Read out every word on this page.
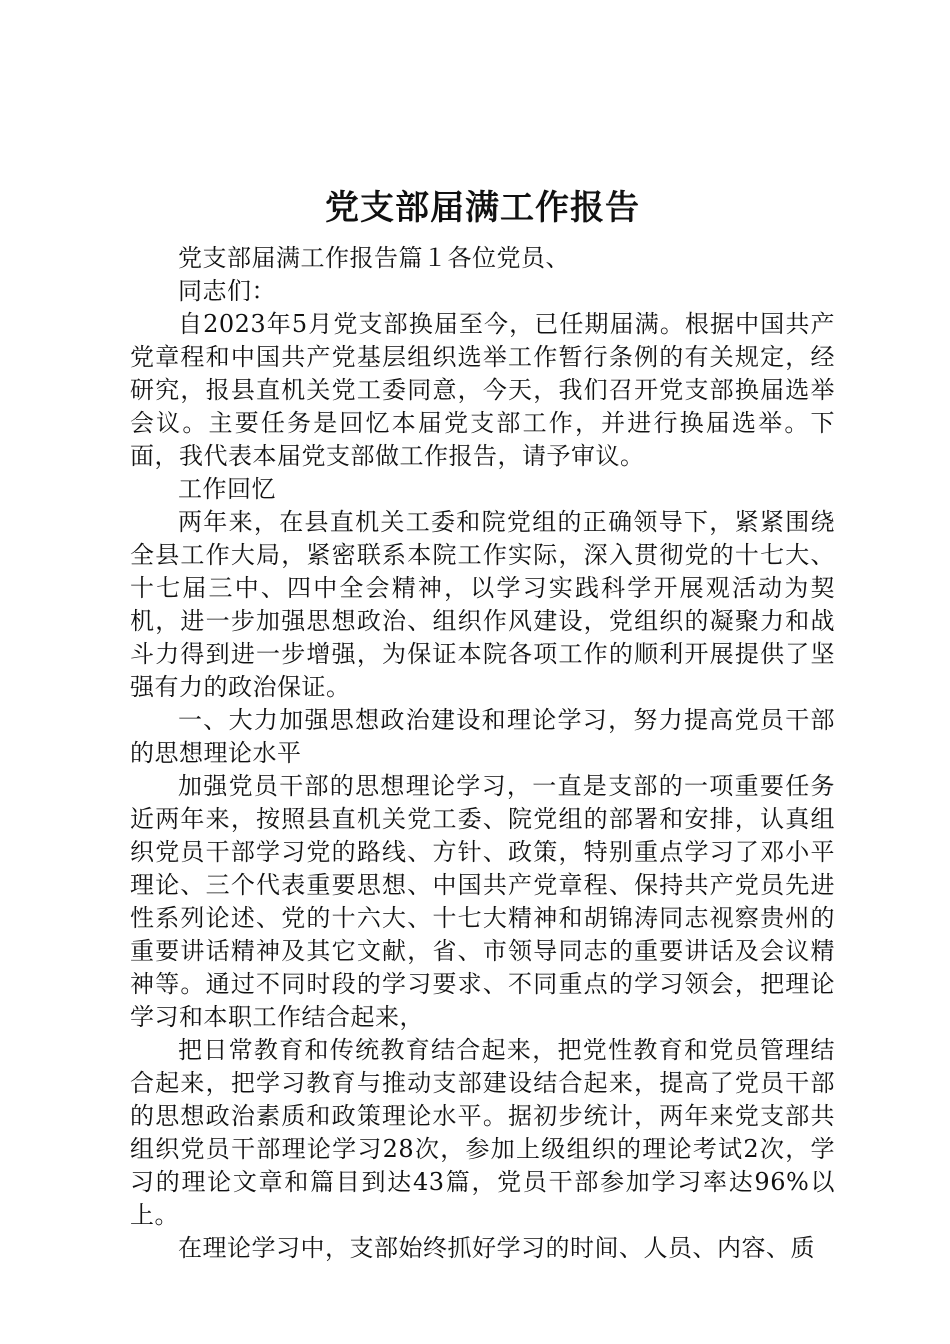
党支部届满工作报告

党支部届满工作报告篇１各位党员、

同志们：

自2023年5月党支部换届至今，已任期届满。根据中国共产党章程和中国共产党基层组织选举工作暂行条例的有关规定，经研究，报县直机关党工委同意，今天，我们召开党支部换届选举会议。主要任务是回忆本届党支部工作，并进行换届选举。下面，我代表本届党支部做工作报告，请予审议。

工作回忆

两年来，在县直机关工委和院党组的正确领导下，紧紧围绕全县工作大局，紧密联系本院工作实际，深入贯彻党的十七大、十七届三中、四中全会精神，以学习实践科学开展观活动为契机，进一步加强思想政治、组织作风建设，党组织的凝聚力和战斗力得到进一步增强，为保证本院各项工作的顺利开展提供了坚强有力的政治保证。

一、大力加强思想政治建设和理论学习，努力提高党员干部的思想理论水平

加强党员干部的思想理论学习，一直是支部的一项重要任务近两年来，按照县直机关党工委、院党组的部署和安排，认真组织党员干部学习党的路线、方针、政策，特别重点学习了邓小平理论、三个代表重要思想、中国共产党章程、保持共产党员先进性系列论述、党的十六大、十七大精神和胡锦涛同志视察贵州的重要讲话精神及其它文献，省、市领导同志的重要讲话及会议精神等。通过不同时段的学习要求、不同重点的学习领会，把理论学习和本职工作结合起来，

把日常教育和传统教育结合起来，把党性教育和党员管理结合起来，把学习教育与推动支部建设结合起来，提高了党员干部的思想政治素质和政策理论水平。据初步统计，两年来党支部共组织党员干部理论学习28次，参加上级组织的理论考试2次，学习的理论文章和篇目到达43篇，党员干部参加学习率达96%以上。

在理论学习中，支部始终抓好学习的时间、人员、内容、质
